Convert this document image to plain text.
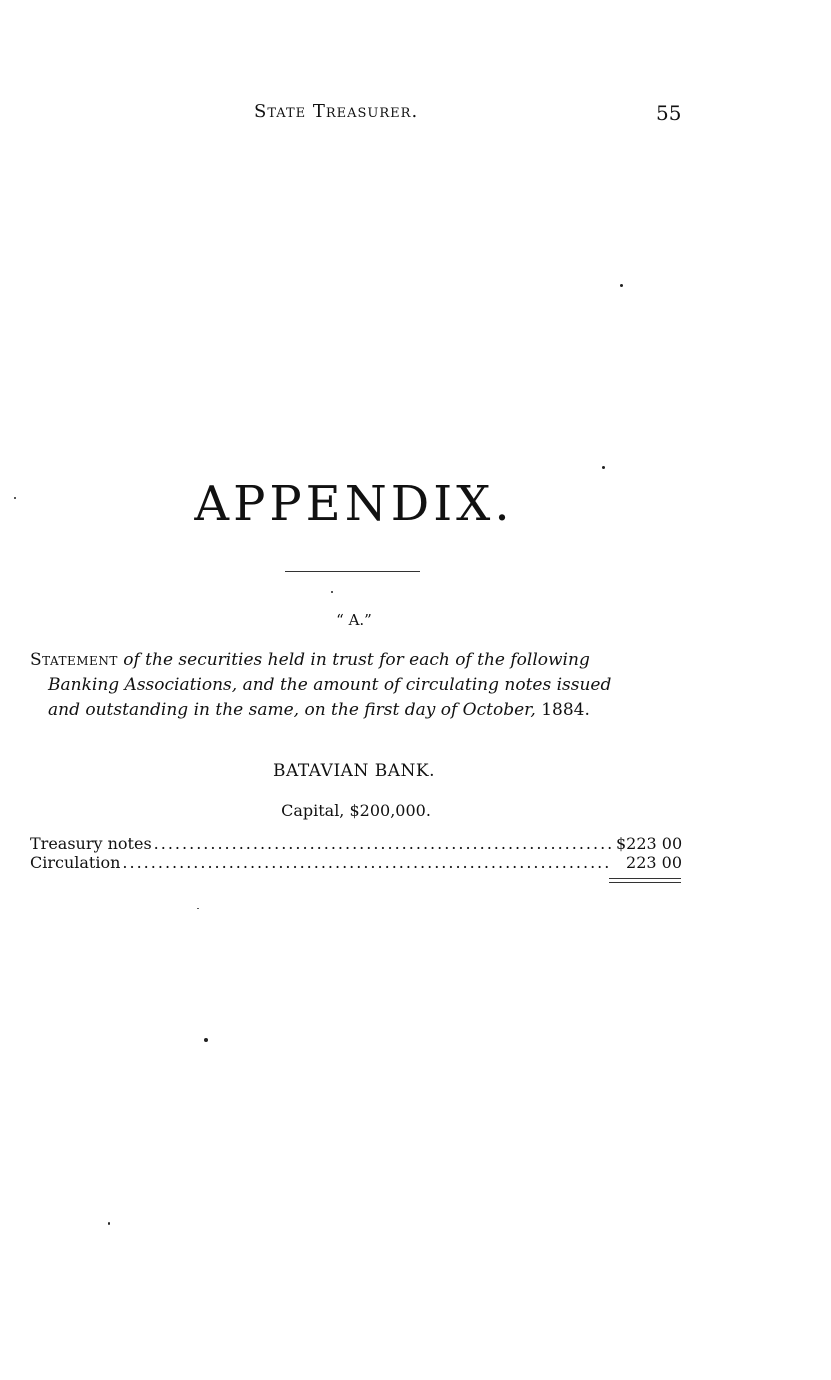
State Treasurer.	55
APPENDIX.
“ A.”
Statement of the securities held in trust for each of the following
Banking Associations, and the amount of circulating notes issued
and outstanding in the same, on the first day of October, 1884.
BATAVIAN BANK.
Capital, $200,000.
Treasury notes .....	$223 00
Circulation .....	223 00
